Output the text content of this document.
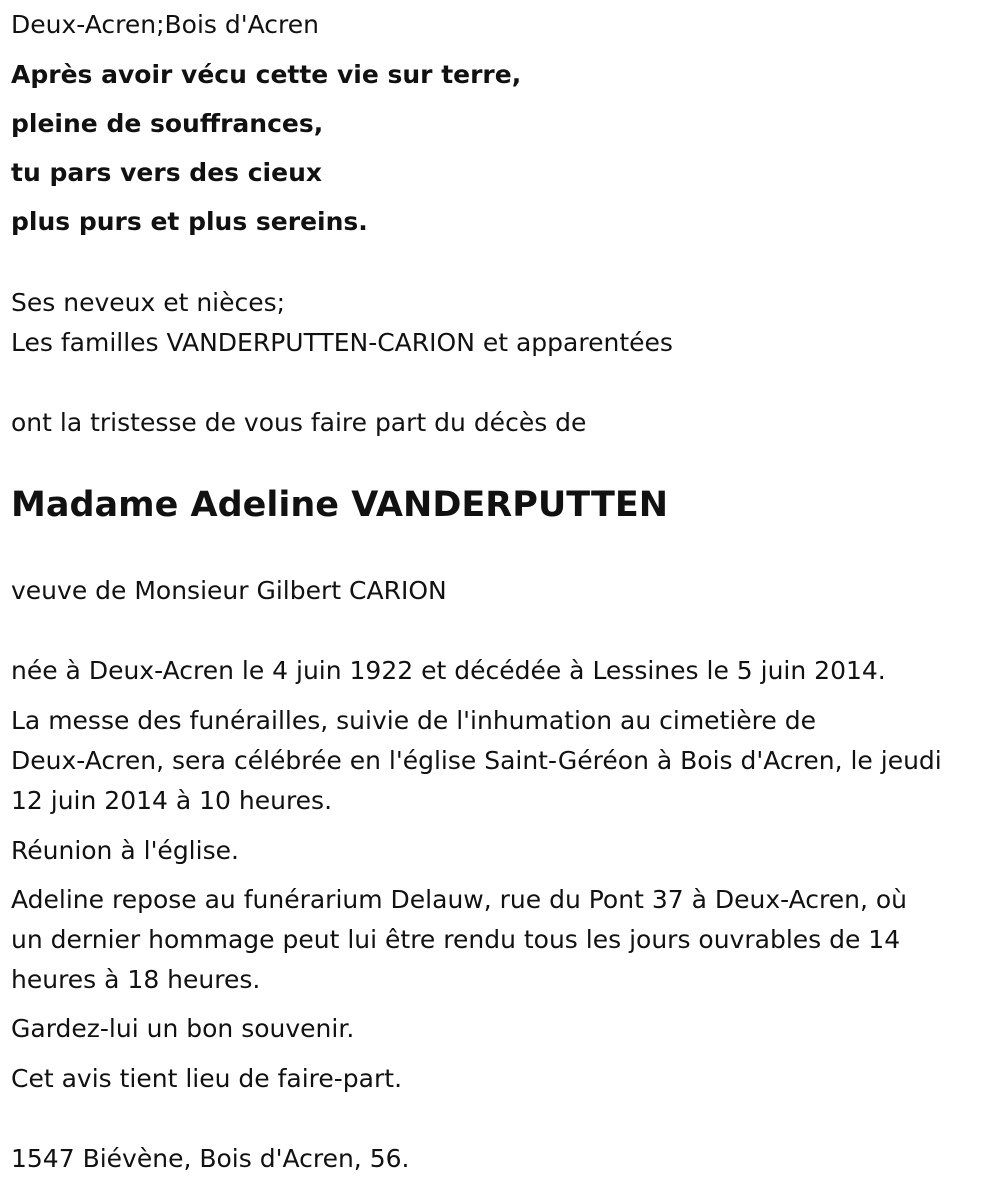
Deux-Acren;Bois d'Acren

Après avoir vécu cette vie sur terre,

pleine de souffrances,

tu pars vers des cieux

plus purs et plus sereins.

Ses neveux et nièces;

Les familles VANDERPUTTEN-CARION et apparentées

ont la tristesse de vous faire part du décès de

Madame Adeline VANDERPUTTEN

veuve de Monsieur Gilbert CARION

née à Deux-Acren le 4 juin 1922 et décédée à Lessines le 5 juin 2014.

La messe des funérailles, suivie de l'inhumation au cimetière de

Deux-Acren, sera célébrée en l'église Saint-Géréon à Bois d'Acren, le jeudi

12 juin 2014 à 10 heures.

Réunion à l'église.

Adeline repose au funérarium Delauw, rue du Pont 37 à Deux-Acren, où

un dernier hommage peut lui être rendu tous les jours ouvrables de 14

heures à 18 heures.

Gardez-lui un bon souvenir.

Cet avis tient lieu de faire-part.

1547 Biévène, Bois d'Acren, 56.
